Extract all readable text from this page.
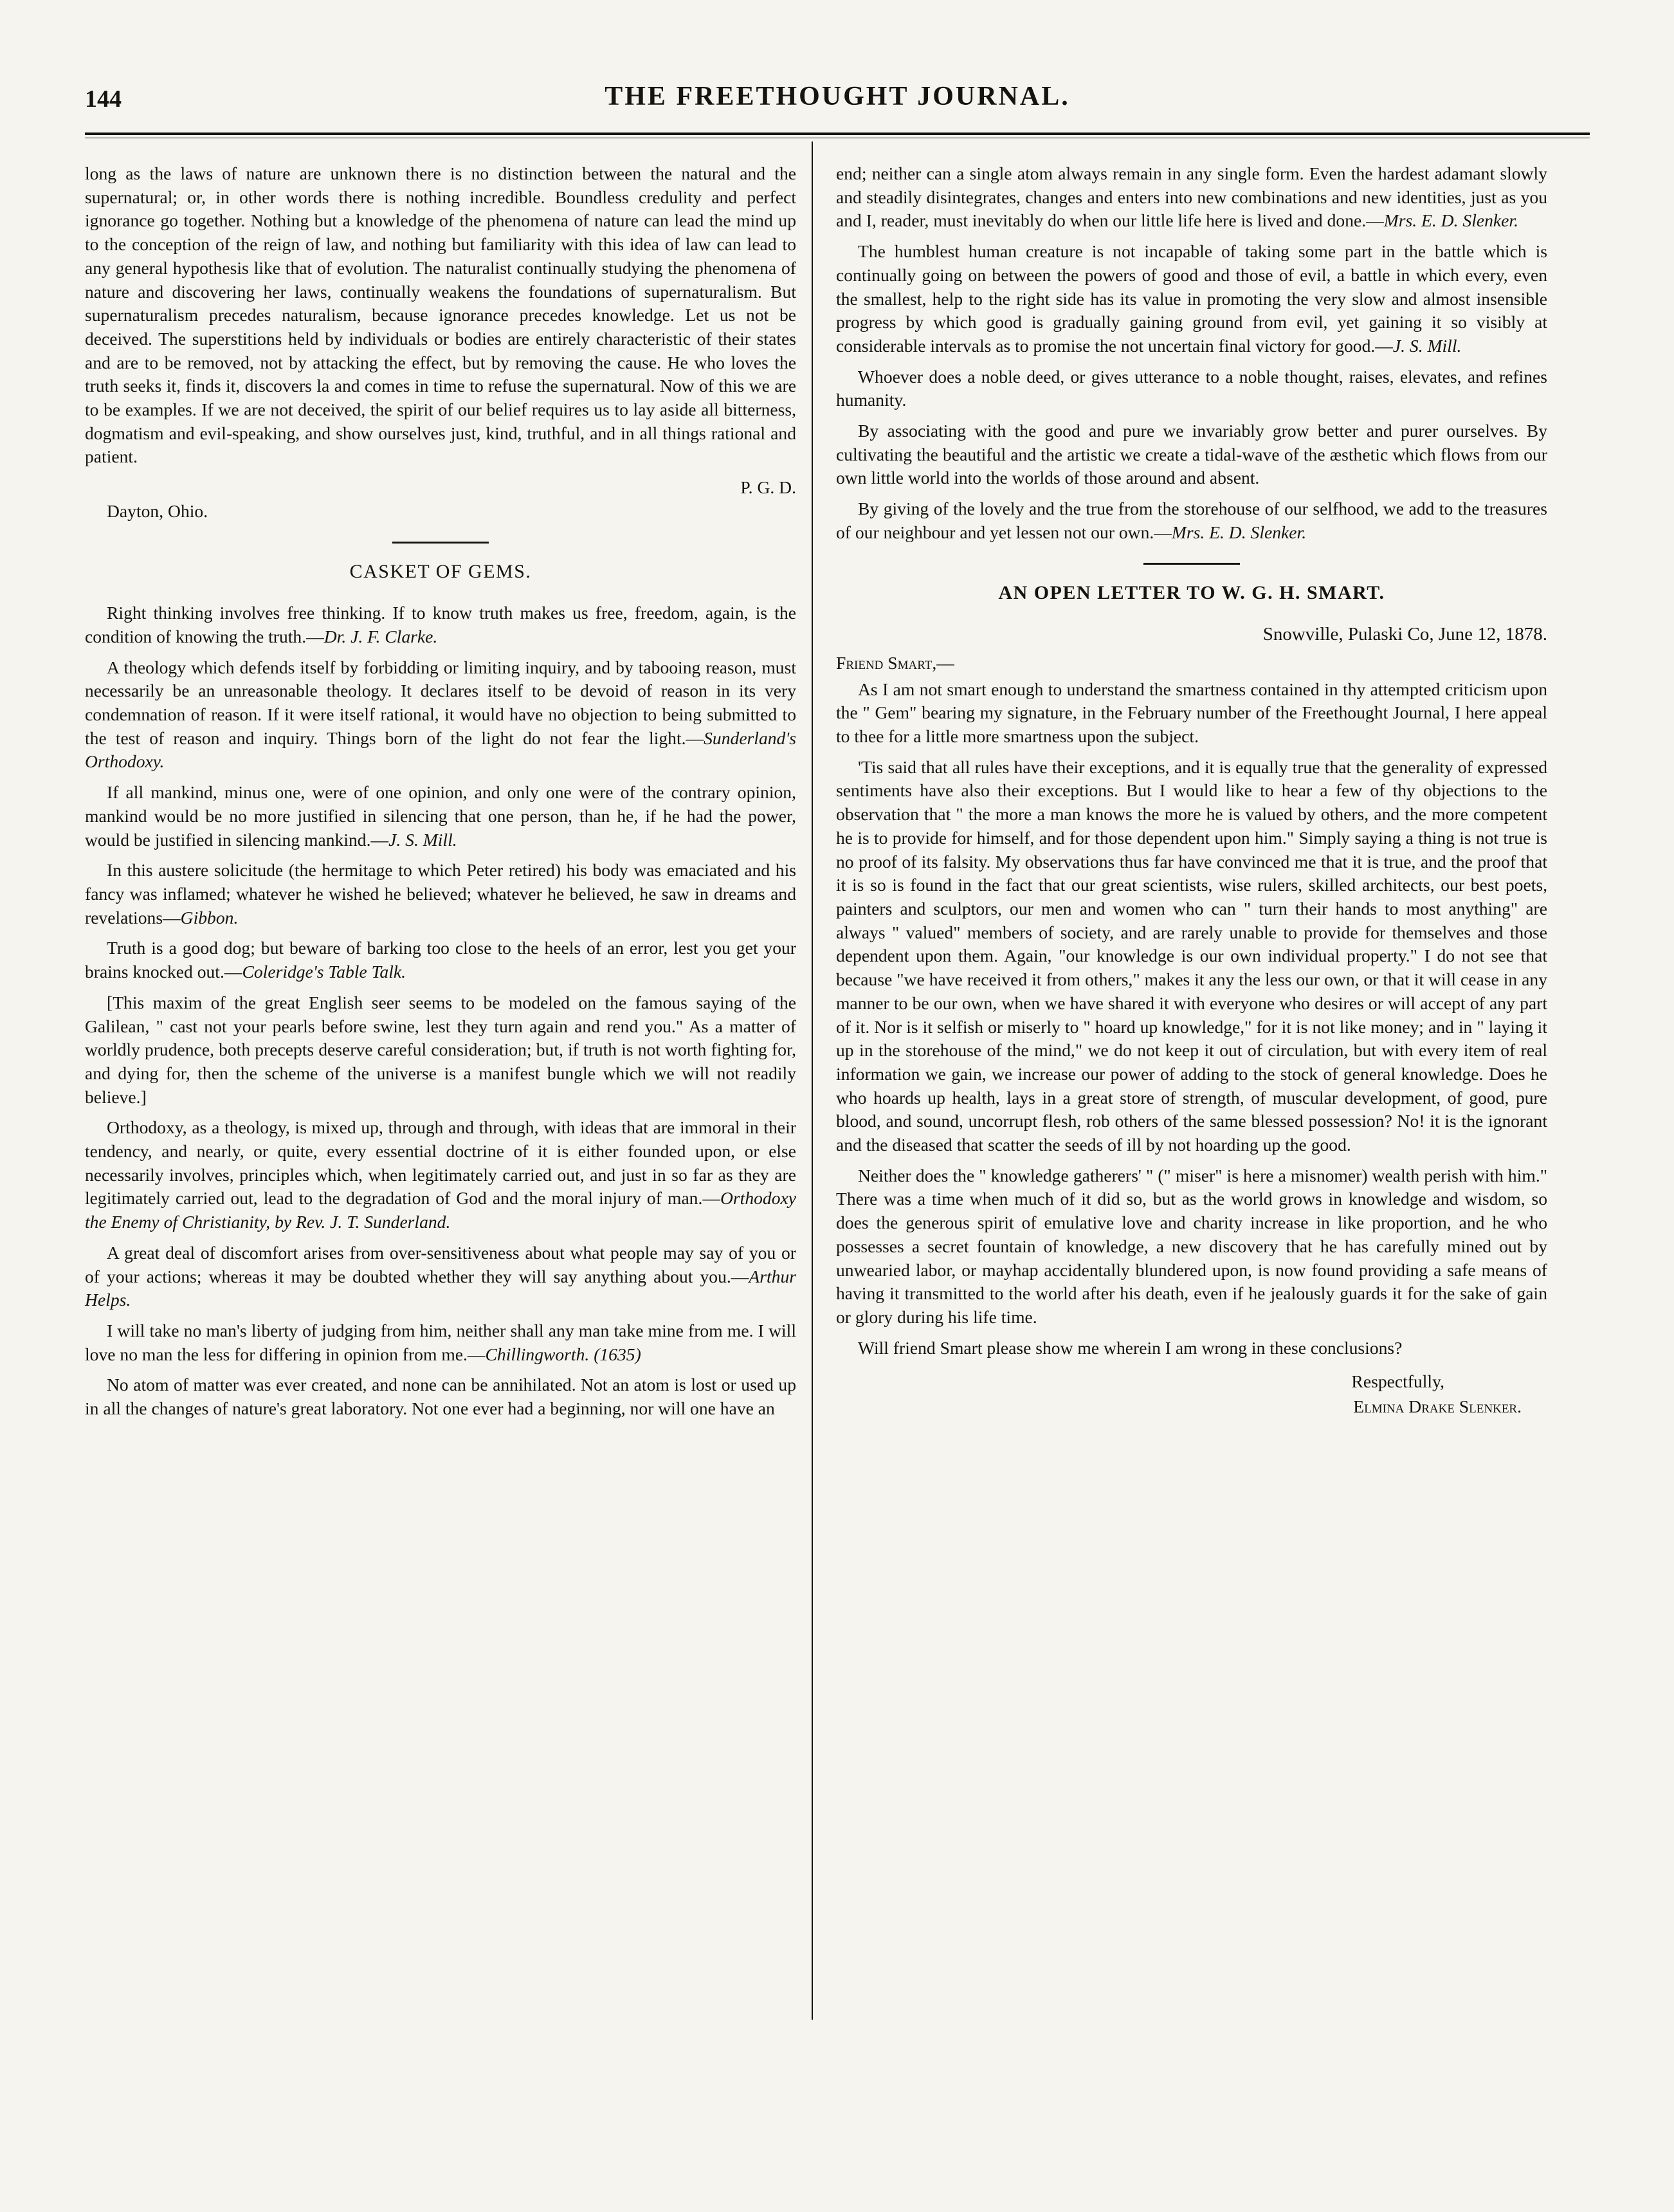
144	THE FREETHOUGHT JOURNAL.

long as the laws of nature are unknown there is no distinction between the natural and the supernatural; or, in other words there is nothing incredible. Boundless credulity and perfect ignorance go together. Nothing but a knowledge of the phenomena of nature can lead the mind up to the conception of the reign of law, and nothing but familiarity with this idea of law can lead to any general hypothesis like that of evolution. The naturalist continually studying the phenomena of nature and discovering her laws, continually weakens the foundations of supernaturalism. But supernaturalism precedes naturalism, because ignorance precedes knowledge. Let us not be deceived. The superstitions held by individuals or bodies are entirely characteristic of their states and are to be removed, not by attacking the effect, but by removing the cause. He who loves the truth seeks it, finds it, discovers la and comes in time to refuse the supernatural. Now of this we are to be examples. If we are not deceived, the spirit of our belief requires us to lay aside all bitterness, dogmatism and evil-speaking, and show ourselves just, kind, truthful, and in all things rational and patient.

P. G. D.
Dayton, Ohio.
CASKET OF GEMS.

Right thinking involves free thinking. If to know truth makes us free, freedom, again, is the condition of knowing the truth.—Dr. J. F. Clarke.

A theology which defends itself by forbidding or limiting inquiry, and by tabooing reason, must necessarily be an unreasonable theology. It declares itself to be devoid of reason in its very condemnation of reason. If it were itself rational, it would have no objection to being submitted to the test of reason and inquiry. Things born of the light do not fear the light.—Sunderland's Orthodoxy.

If all mankind, minus one, were of one opinion, and only one were of the contrary opinion, mankind would be no more justified in silencing that one person, than he, if he had the power, would be justified in silencing mankind.—J. S. Mill.

In this austere solicitude (the hermitage to which Peter retired) his body was emaciated and his fancy was inflamed; whatever he wished he believed; whatever he believed, he saw in dreams and revelations—Gibbon.

Truth is a good dog; but beware of barking too close to the heels of an error, lest you get your brains knocked out.—Coleridge's Table Talk.

[This maxim of the great English seer seems to be modeled on the famous saying of the Galilean, " cast not your pearls before swine, lest they turn again and rend you." As a matter of worldly prudence, both precepts deserve careful consideration; but, if truth is not worth fighting for, and dying for, then the scheme of the universe is a manifest bungle which we will not readily believe.]

Orthodoxy, as a theology, is mixed up, through and through, with ideas that are immoral in their tendency, and nearly, or quite, every essential doctrine of it is either founded upon, or else necessarily involves, principles which, when legitimately carried out, and just in so far as they are legitimately carried out, lead to the degradation of God and the moral injury of man.—Orthodoxy the Enemy of Christianity, by Rev. J. T. Sunderland.

A great deal of discomfort arises from over-sensitiveness about what people may say of you or of your actions; whereas it may be doubted whether they will say anything about you.—Arthur Helps.

I will take no man's liberty of judging from him, neither shall any man take mine from me. I will love no man the less for differing in opinion from me.—Chillingworth. (1635)

No atom of matter was ever created, and none can be annihilated. Not an atom is lost or used up in all the changes of nature's great laboratory. Not one ever had a beginning, nor will one have an

end; neither can a single atom always remain in any single form. Even the hardest adamant slowly and steadily disintegrates, changes and enters into new combinations and new identities, just as you and I, reader, must inevitably do when our little life here is lived and done.—Mrs. E. D. Slenker.

The humblest human creature is not incapable of taking some part in the battle which is continually going on between the powers of good and those of evil, a battle in which every, even the smallest, help to the right side has its value in promoting the very slow and almost insensible progress by which good is gradually gaining ground from evil, yet gaining it so visibly at considerable intervals as to promise the not uncertain final victory for good.—J. S. Mill.

Whoever does a noble deed, or gives utterance to a noble thought, raises, elevates, and refines humanity.

By associating with the good and pure we invariably grow better and purer ourselves. By cultivating the beautiful and the artistic we create a tidal-wave of the æsthetic which flows from our own little world into the worlds of those around and absent.

By giving of the lovely and the true from the storehouse of our selfhood, we add to the treasures of our neighbour and yet lessen not our own.—Mrs. E. D. Slenker.

AN OPEN LETTER TO W. G. H. SMART.
Snowville, Pulaski Co, June 12, 1878.
Friend Smart,—

As I am not smart enough to understand the smartness contained in thy attempted criticism upon the " Gem" bearing my signature, in the February number of the Freethought Journal, I here appeal to thee for a little more smartness upon the subject.

'Tis said that all rules have their exceptions, and it is equally true that the generality of expressed sentiments have also their exceptions. But I would like to hear a few of thy objections to the observation that " the more a man knows the more he is valued by others, and the more competent he is to provide for himself, and for those dependent upon him." Simply saying a thing is not true is no proof of its falsity. My observations thus far have convinced me that it is true, and the proof that it is so is found in the fact that our great scientists, wise rulers, skilled architects, our best poets, painters and sculptors, our men and women who can " turn their hands to most anything" are always " valued" members of society, and are rarely unable to provide for themselves and those dependent upon them. Again, "our knowledge is our own individual property." I do not see that because "we have received it from others," makes it any the less our own, or that it will cease in any manner to be our own, when we have shared it with everyone who desires or will accept of any part of it. Nor is it selfish or miserly to " hoard up knowledge," for it is not like money; and in " laying it up in the storehouse of the mind," we do not keep it out of circulation, but with every item of real information we gain, we increase our power of adding to the stock of general knowledge. Does he who hoards up health, lays in a great store of strength, of muscular development, of good, pure blood, and sound, uncorrupt flesh, rob others of the same blessed possession? No! it is the ignorant and the diseased that scatter the seeds of ill by not hoarding up the good.

Neither does the " knowledge gatherers' " (" miser" is here a misnomer) wealth perish with him." There was a time when much of it did so, but as the world grows in knowledge and wisdom, so does the generous spirit of emulative love and charity increase in like proportion, and he who possesses a secret fountain of knowledge, a new discovery that he has carefully mined out by unwearied labor, or mayhap accidentally blundered upon, is now found providing a safe means of having it transmitted to the world after his death, even if he jealously guards it for the sake of gain or glory during his life time.

Will friend Smart please show me wherein I am wrong in these conclusions?

Respectfully,
Elmina Drake Slenker.
